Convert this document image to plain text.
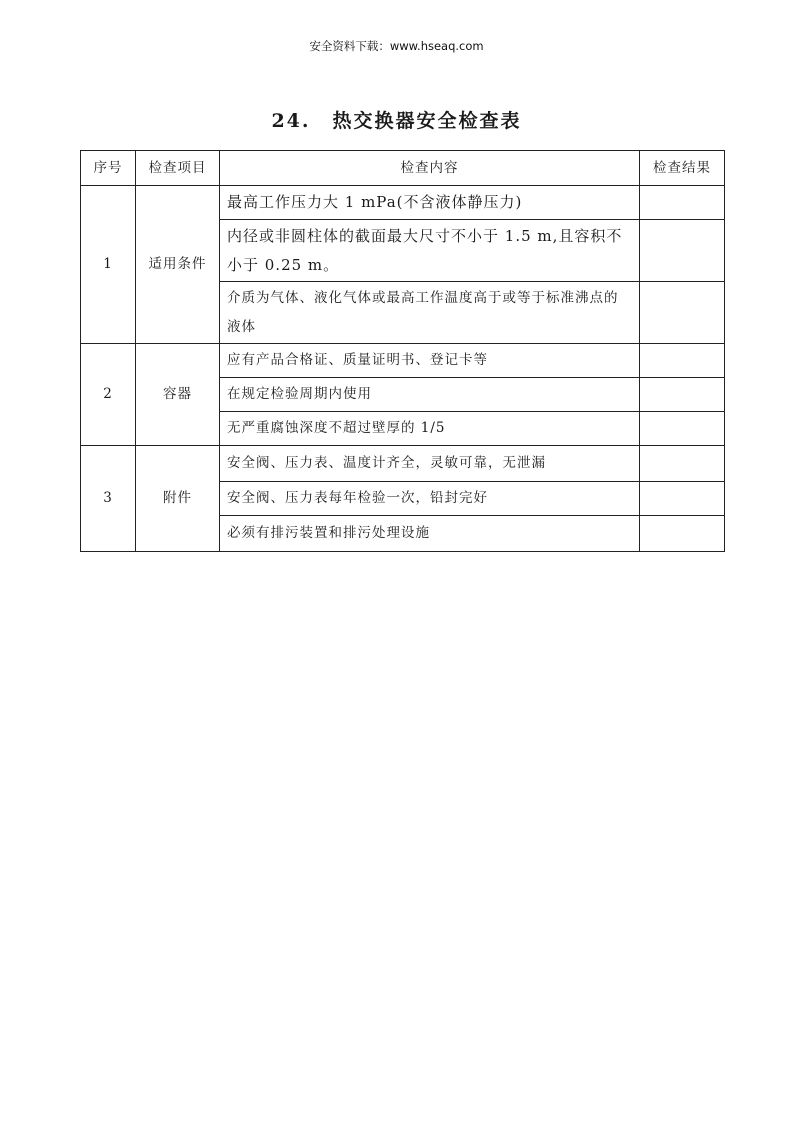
安全资料下载：www.hseaq.com
24. 热交换器安全检查表
序号	检查项目	检查内容	检查结果
1	适用条件	最高工作压力大 1 mPa(不含液体静压力)	
		内径或非圆柱体的截面最大尺寸不小于 1.5 m,且容积不小于 0.25 m。	
		介质为气体、液化气体或最高工作温度高于或等于标准沸点的液体	
2	容器	应有产品合格证、质量证明书、登记卡等	
		在规定检验周期内使用	
		无严重腐蚀深度不超过壁厚的 1/5	
3	附件	安全阀、压力表、温度计齐全，灵敏可靠，无泄漏	
		安全阀、压力表每年检验一次，铅封完好	
		必须有排污装置和排污处理设施	
